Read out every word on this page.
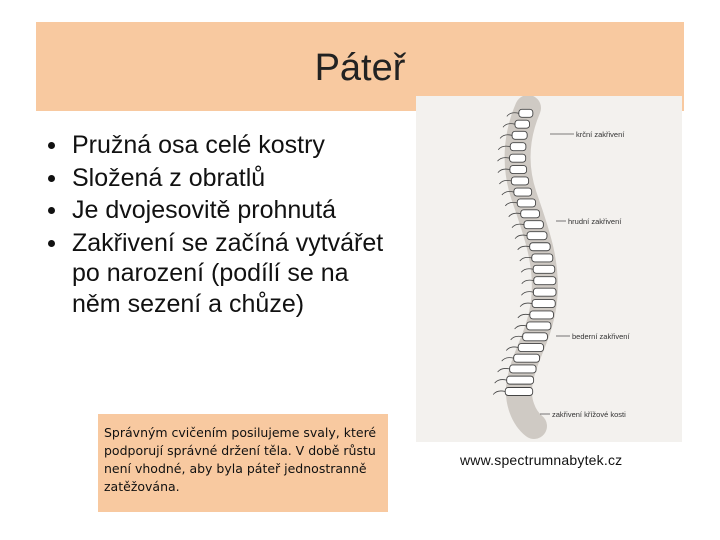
Páteř
Pružná osa celé kostry
Složená z obratlů
Je dvojesovitě prohnutá
Zakřivení se začíná vytvářet po narození (podílí se na něm sezení a chůze)
Správným cvičením posilujeme svaly, které podporují správné držení těla. V době růstu není vhodné, aby byla páteř jednostranně zatěžována.
krční zakřivení
hrudní zakřivení
bederní zakřivení
zakřivení křížové kosti
www.spectrumnabytek.cz
